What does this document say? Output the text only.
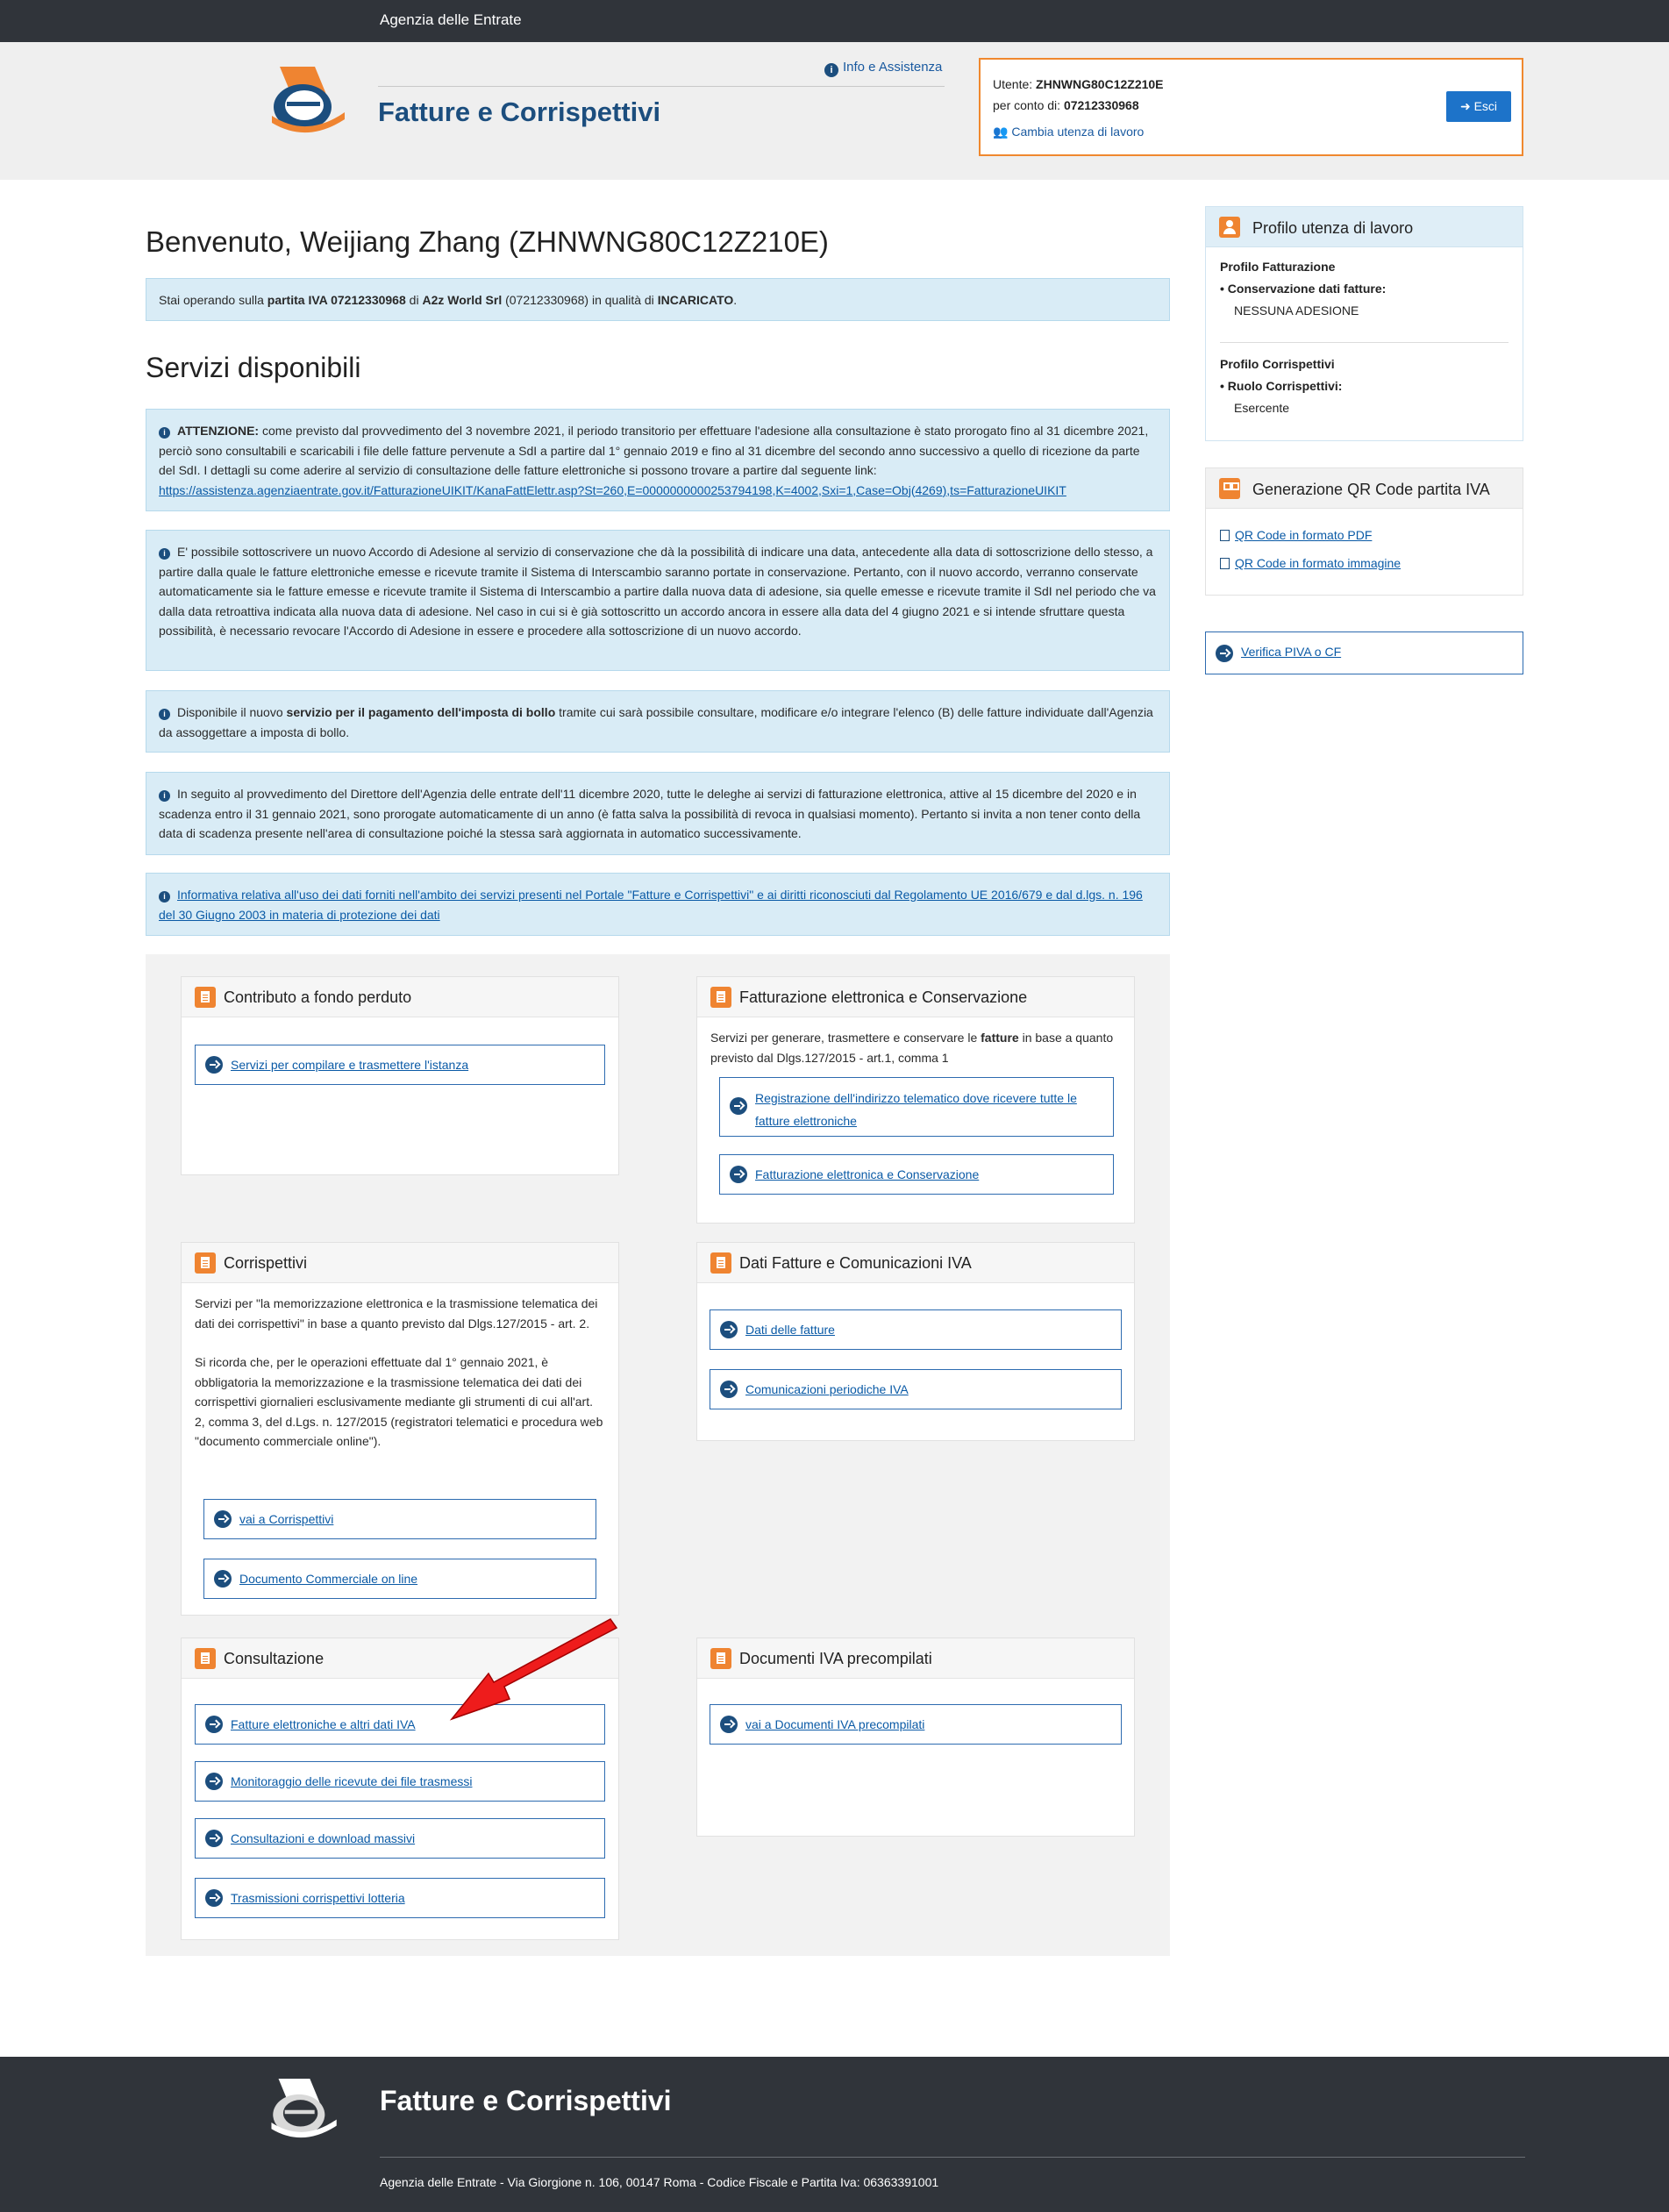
Agenzia delle Entrate
Fatture e Corrispettivi
i Info e Assistenza
Utente: ZHNWNG80C12Z210E
per conto di: 07212330968
👥 Cambia utenza di lavoro
➜ Esci
Benvenuto, Weijiang Zhang (ZHNWNG80C12Z210E)
Stai operando sulla partita IVA 07212330968 di A2z World Srl (07212330968) in qualità di INCARICATO.
Servizi disponibili
i ATTENZIONE: come previsto dal provvedimento del 3 novembre 2021, il periodo transitorio per effettuare l'adesione alla consultazione è stato prorogato fino al 31 dicembre 2021, perciò sono consultabili e scaricabili i file delle fatture pervenute a SdI a partire dal 1° gennaio 2019 e fino al 31 dicembre del secondo anno successivo a quello di ricezione da parte del SdI. I dettagli su come aderire al servizio di consultazione delle fatture elettroniche si possono trovare a partire dal seguente link:
https://assistenza.agenziaentrate.gov.it/FatturazioneUIKIT/KanaFattElettr.asp?St=260,E=0000000000253794198,K=4002,Sxi=1,Case=Obj(4269),ts=FatturazioneUIKIT
i E' possibile sottoscrivere un nuovo Accordo di Adesione al servizio di conservazione che dà la possibilità di indicare una data, antecedente alla data di sottoscrizione dello stesso, a partire dalla quale le fatture elettroniche emesse e ricevute tramite il Sistema di Interscambio saranno portate in conservazione. Pertanto, con il nuovo accordo, verranno conservate automaticamente sia le fatture emesse e ricevute tramite il Sistema di Interscambio a partire dalla nuova data di adesione, sia quelle emesse e ricevute tramite il SdI nel periodo che va dalla data retroattiva indicata alla nuova data di adesione. Nel caso in cui si è già sottoscritto un accordo ancora in essere alla data del 4 giugno 2021 e si intende sfruttare questa possibilità, è necessario revocare l'Accordo di Adesione in essere e procedere alla sottoscrizione di un nuovo accordo.
i Disponibile il nuovo servizio per il pagamento dell'imposta di bollo tramite cui sarà possibile consultare, modificare e/o integrare l'elenco (B) delle fatture individuate dall'Agenzia da assoggettare a imposta di bollo.
i In seguito al provvedimento del Direttore dell'Agenzia delle entrate dell'11 dicembre 2020, tutte le deleghe ai servizi di fatturazione elettronica, attive al 15 dicembre del 2020 e in scadenza entro il 31 gennaio 2021, sono prorogate automaticamente di un anno (è fatta salva la possibilità di revoca in qualsiasi momento). Pertanto si invita a non tener conto della data di scadenza presente nell'area di consultazione poiché la stessa sarà aggiornata in automatico successivamente.
i Informativa relativa all'uso dei dati forniti nell'ambito dei servizi presenti nel Portale "Fatture e Corrispettivi" e ai diritti riconosciuti dal Regolamento UE 2016/679 e dal d.lgs. n. 196 del 30 Giugno 2003 in materia di protezione dei dati
Contributo a fondo perduto
Servizi per compilare e trasmettere l'istanza
Fatturazione elettronica e Conservazione
Servizi per generare, trasmettere e conservare le fatture in base a quanto previsto dal Dlgs.127/2015 - art.1, comma 1
Registrazione dell'indirizzo telematico dove ricevere tutte le fatture elettroniche
Fatturazione elettronica e Conservazione
Corrispettivi

Servizi per "la memorizzazione elettronica e la trasmissione telematica dei dati dei corrispettivi" in base a quanto previsto dal Dlgs.127/2015 - art. 2.

Si ricorda che, per le operazioni effettuate dal 1° gennaio 2021, è obbligatoria la memorizzazione e la trasmissione telematica dei dati dei corrispettivi giornalieri esclusivamente mediante gli strumenti di cui all'art. 2, comma 3, del d.Lgs. n. 127/2015 (registratori telematici e procedura web "documento commerciale online").

vai a Corrispettivi
Documento Commerciale on line
Dati Fatture e Comunicazioni IVA
Dati delle fatture
Comunicazioni periodiche IVA
Consultazione
Fatture elettroniche e altri dati IVA
Monitoraggio delle ricevute dei file trasmessi
Consultazioni e download massivi
Trasmissioni corrispettivi lotteria
Documenti IVA precompilati
vai a Documenti IVA precompilati
Profilo utenza di lavoro
Profilo Fatturazione
• Conservazione dati fatture:
NESSUNA ADESIONE
Profilo Corrispettivi
• Ruolo Corrispettivi:
Esercente
Generazione QR Code partita IVA
QR Code in formato PDF
QR Code in formato immagine
Verifica PIVA o CF
Fatture e Corrispettivi
Agenzia delle Entrate - Via Giorgione n. 106, 00147 Roma - Codice Fiscale e Partita Iva: 06363391001
